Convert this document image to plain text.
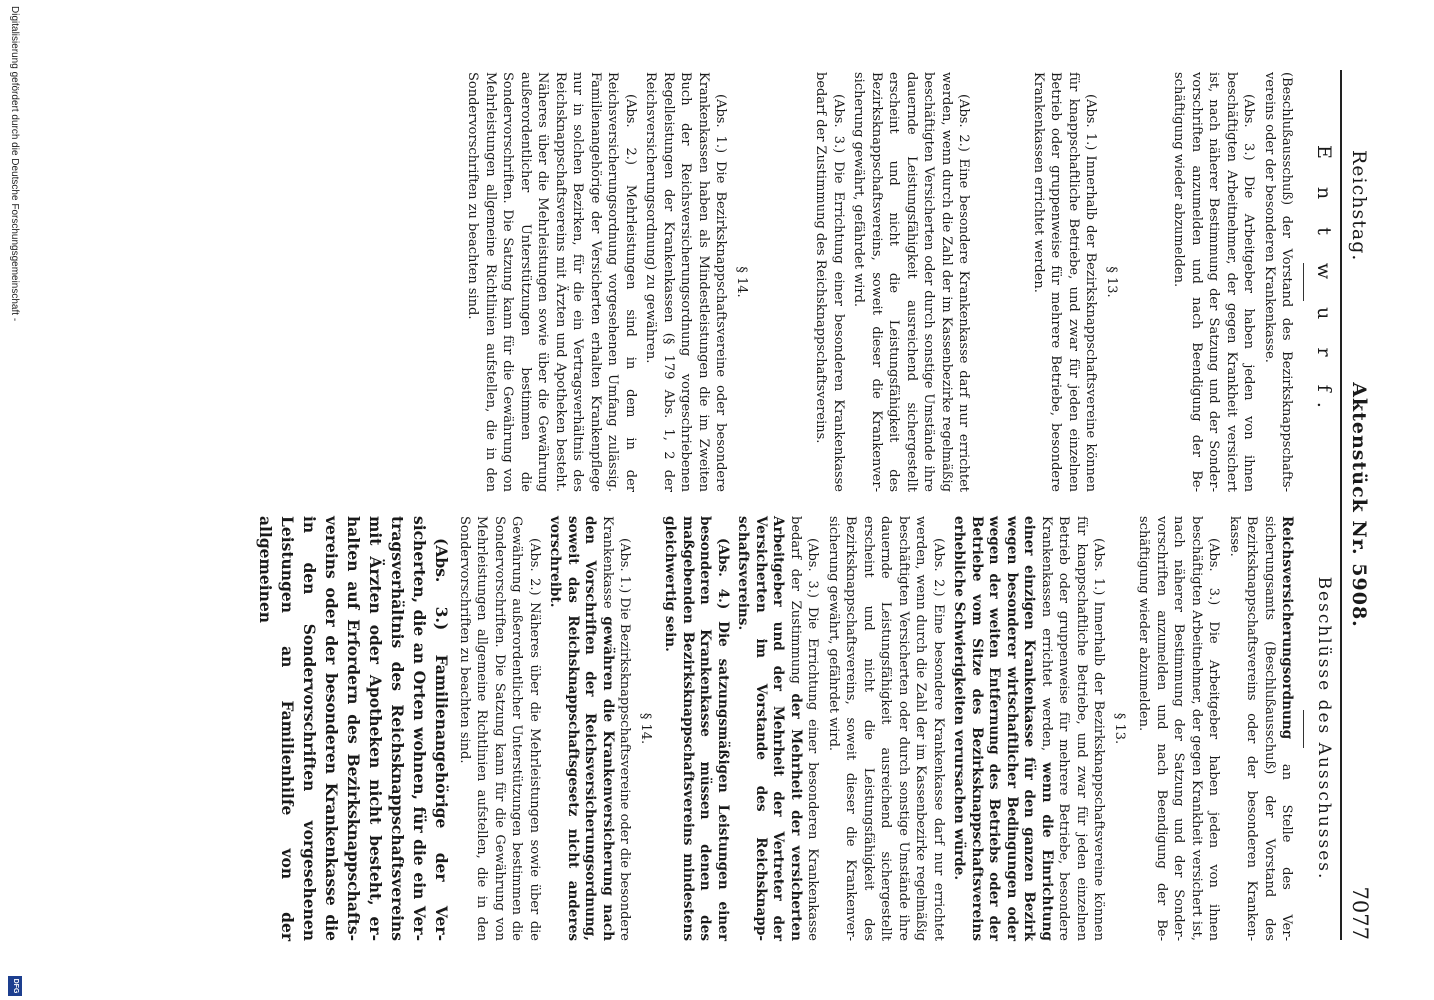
Reichstag.
Aktenstück Nr. 5908.
7077
E n t w u r f.

(Beschlußausschuß) der Vorstand des Bezirksknappschaftsvereins oder der besonderen Krankenkasse.

(Abs. 3.) Die Arbeitgeber haben jeden von ihnen beschäftigten Arbeitnehmer, der gegen Krankheit versichert ist, nach näherer Bestimmung der Satzung und der Sondervorschriften anzumelden und nach Beendigung der Beschäftigung wieder abzumelden.

§ 13.

(Abs. 1.) Innerhalb der Bezirksknappschaftsvereine können für knappschaftliche Betriebe, und zwar für jeden einzelnen Betrieb oder gruppenweise für mehrere Betriebe, besondere Krankenkassen errichtet werden.

(Abs. 2.) Eine besondere Krankenkasse darf nur errichtet werden, wenn durch die Zahl der im Kassenbezirke regelmäßig beschäftigten Versicherten oder durch sonstige Umstände ihre dauernde Leistungsfähigkeit ausreichend sichergestellt erscheint und nicht die Leistungsfähigkeit des Bezirksknappschaftsvereins, soweit dieser die Krankenversicherung gewährt, gefährdet wird.

(Abs. 3.) Die Errichtung einer besonderen Krankenkasse bedarf der Zustimmung des Reichsknappschaftsvereins.

§ 14.

(Abs. 1.) Die Bezirksknappschaftsvereine oder besondere Krankenkassen haben als Mindestleistungen die im Zweiten Buch der Reichsversicherungsordnung vorgeschriebenen Regelleistungen der Krankenkassen (§ 179 Abs. 1, 2 der Reichsversicherungsordnung) zu gewähren.

(Abs. 2.) Mehrleistungen sind in dem in der Reichsversicherungsordnung vorgesehenen Umfang zulässig. Familienangehörige der Versicherten erhalten Krankenpflege nur in solchen Bezirken, für die ein Vertragsverhältnis des Reichsknappschaftsvereins mit Ärzten und Apotheken besteht. Näheres über die Mehrleistungen sowie über die Gewährung außerordentlicher Unterstützungen bestimmen die Sondervorschriften. Die Satzung kann für die Gewährung von Mehrleistungen allgemeine Richtlinien aufstellen, die in den Sondervorschriften zu beachten sind.

Beschlüsse des Ausschusses.

Reichsversicherungsordnung an Stelle des Versicherungsamts (Beschlußausschuß) der Vorstand des Bezirksknappschaftsvereins oder der besonderen Krankenkasse.

(Abs. 3.) Die Arbeitgeber haben jeden von ihnen beschäftigten Arbeitnehmer, der gegen Krankheit versichert ist, nach näherer Bestimmung der Satzung und der Sondervorschriften anzumelden und nach Beendigung der Beschäftigung wieder abzumelden.

§ 13.

(Abs. 1.) Innerhalb der Bezirksknappschaftsvereine können für knappschaftliche Betriebe, und zwar für jeden einzelnen Betrieb oder gruppenweise für mehrere Betriebe, besondere Krankenkassen errichtet werden, wenn die Einrichtung einer einzigen Krankenkasse für den ganzen Bezirk wegen besonderer wirtschaftlicher Bedingungen oder wegen der weiten Entfernung des Betriebs oder der Betriebe vom Sitze des Bezirksknappschaftsvereins erhebliche Schwierigkeiten verursachen würde.

(Abs. 2.) Eine besondere Krankenkasse darf nur errichtet werden, wenn durch die Zahl der im Kassenbezirke regelmäßig beschäftigten Versicherten oder durch sonstige Umstände ihre dauernde Leistungsfähigkeit ausreichend sichergestellt erscheint und nicht die Leistungsfähigkeit des Bezirksknappschaftsvereins, soweit dieser die Krankenversicherung gewährt, gefährdet wird.

(Abs. 3.) Die Errichtung einer besonderen Krankenkasse bedarf der Zustimmung der Mehrheit der versicherten Arbeitgeber und der Mehrheit der Vertreter der Versicherten im Vorstande des Reichsknappschaftsvereins.

(Abs. 4.) Die satzungsmäßigen Leistungen einer besonderen Krankenkasse müssen denen des maßgebenden Bezirksknappschaftsvereins mindestens gleichwertig sein.

§ 14.

(Abs. 1.) Die Bezirksknappschaftsvereine oder die besondere Krankenkasse gewähren die Krankenversicherung nach den Vorschriften der Reichsversicherungsordnung, soweit das Reichsknappschaftsgesetz nicht anderes vorschreibt.

(Abs. 2.) Näheres über die Mehrleistungen sowie über die Gewährung außerordentlicher Unterstützungen bestimmen die Sondervorschriften. Die Satzung kann für die Gewährung von Mehrleistungen allgemeine Richtlinien aufstellen, die in den Sondervorschriften zu beachten sind.

(Abs. 3.) Familienangehörige der Versicherten, die an Orten wohnen, für die ein Vertragsverhältnis des Reichsknappschaftsvereins mit Ärzten oder Apotheken nicht besteht, erhalten auf Erfordern des Bezirksknappschaftsvereins oder der besonderen Krankenkasse die in den Sondervorschriften vorgesehenen Leistungen an Familienhilfe von der allgemeinen

Digitalisierung gefördert durch die Deutsche Forschungsgemeinschaft -
DFG
